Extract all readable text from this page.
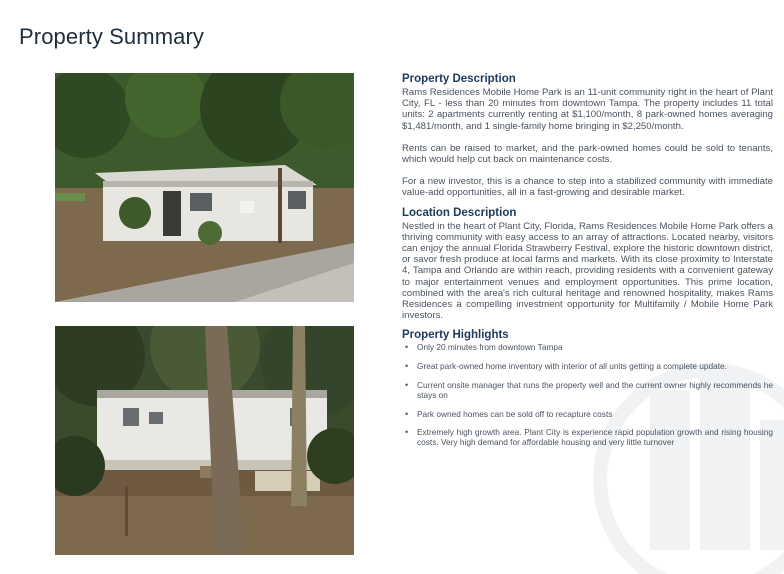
Property Summary
Property Description

Rams Residences Mobile Home Park is an 11-unit community right in the heart of Plant City, FL - less than 20 minutes from downtown Tampa. The property includes 11 total units: 2 apartments currently renting at $1,100/month, 8 park-owned homes averaging $1,481/month, and 1 single-family home bringing in $2,250/month.

Rents can be raised to market, and the park-owned homes could be sold to tenants, which would help cut back on maintenance costs.

For a new investor, this is a chance to step into a stabilized community with immediate value-add opportunities, all in a fast-growing and desirable market.

Location Description

Nestled in the heart of Plant City, Florida, Rams Residences Mobile Home Park offers a thriving community with easy access to an array of attractions. Located nearby, visitors can enjoy the annual Florida Strawberry Festival, explore the historic downtown district, or savor fresh produce at local farms and markets. With its close proximity to Interstate 4, Tampa and Orlando are within reach, providing residents with a convenient gateway to major entertainment venues and employment opportunities. This prime location, combined with the area's rich cultural heritage and renowned hospitality, makes Rams Residences a compelling investment opportunity for Multifamily / Mobile Home Park investors.

Property Highlights
• Only 20 minutes from downtown Tampa
• Great park-owned home inventory with interior of all units getting a complete update.
• Current onsite manager that runs the property well and the current owner highly recommends he stays on
• Park owned homes can be sold off to recapture costs
• Extremely high growth area. Plant City is experience rapid population growth and rising housing costs. Very high demand for affordable housing and very little turnover
